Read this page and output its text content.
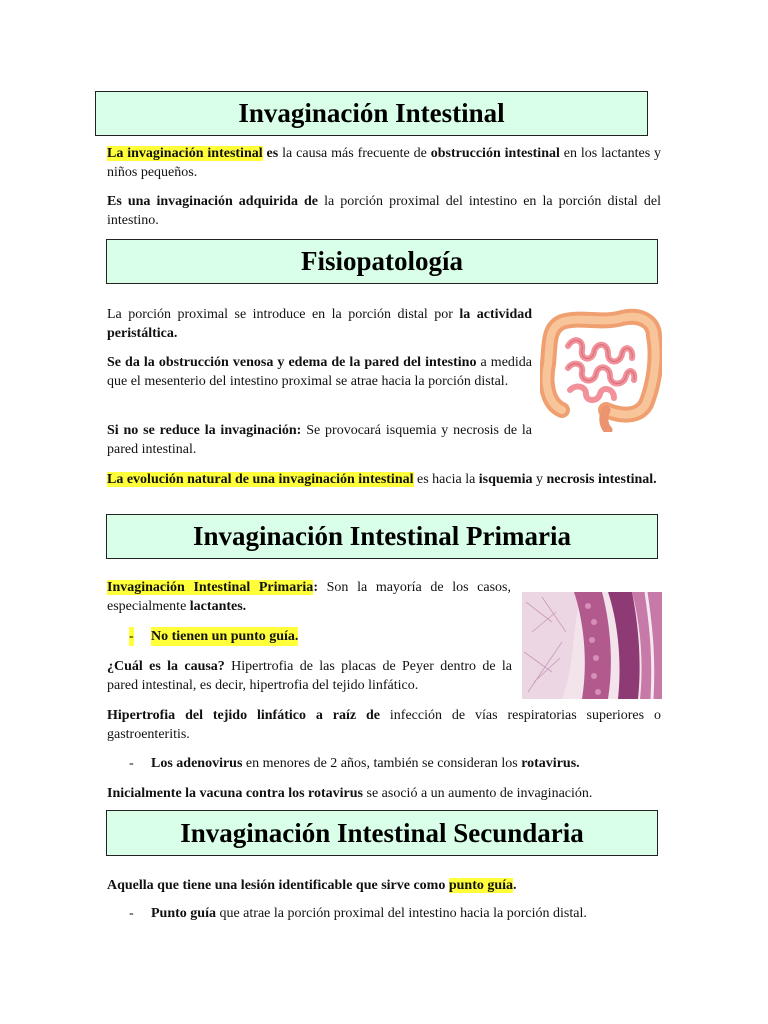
Invaginación Intestinal
La invaginación intestinal es la causa más frecuente de obstrucción intestinal en los lactantes y niños pequeños.
Es una invaginación adquirida de la porción proximal del intestino en la porción distal del intestino.
Fisiopatología
La porción proximal se introduce en la porción distal por la actividad peristáltica.
Se da la obstrucción venosa y edema de la pared del intestino a medida que el mesenterio del intestino proximal se atrae hacia la porción distal.
Si no se reduce la invaginación: Se provocará isquemia y necrosis de la pared intestinal.
La evolución natural de una invaginación intestinal es hacia la isquemia y necrosis intestinal.
Invaginación Intestinal Primaria
Invaginación Intestinal Primaria: Son la mayoría de los casos, especialmente lactantes.
- No tienen un punto guía.
¿Cuál es la causa? Hipertrofia de las placas de Peyer dentro de la pared intestinal, es decir, hipertrofia del tejido linfático.
Hipertrofia del tejido linfático a raíz de infección de vías respiratorias superiores o gastroenteritis.
- Los adenovirus en menores de 2 años, también se consideran los rotavirus.
Inicialmente la vacuna contra los rotavirus se asoció a un aumento de invaginación.
Invaginación Intestinal Secundaria
Aquella que tiene una lesión identificable que sirve como punto guía.
- Punto guía que atrae la porción proximal del intestino hacia la porción distal.
